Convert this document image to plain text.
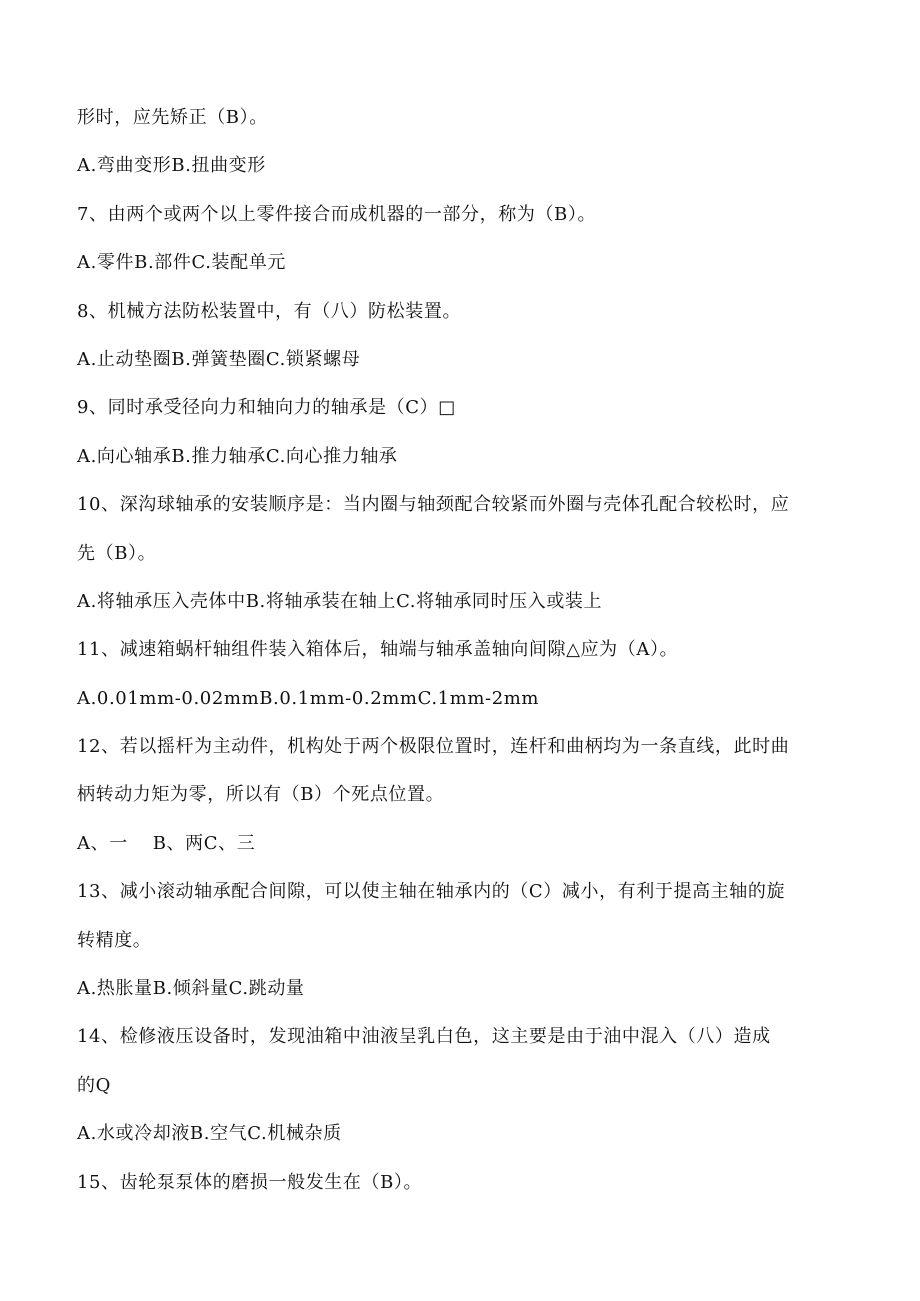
形时，应先矫正（B）。
A.弯曲变形B.扭曲变形
7、由两个或两个以上零件接合而成机器的一部分，称为（B）。
A.零件B.部件C.装配单元
8、机械方法防松装置中，有（八）防松装置。
A.止动垫圈B.弹簧垫圈C.锁紧螺母
9、同时承受径向力和轴向力的轴承是（C）□
A.向心轴承B.推力轴承C.向心推力轴承
10、深沟球轴承的安装顺序是：当内圈与轴颈配合较紧而外圈与壳体孔配合较松时，应
先（B）。
A.将轴承压入壳体中B.将轴承装在轴上C.将轴承同时压入或装上
11、减速箱蜗杆轴组件装入箱体后，轴端与轴承盖轴向间隙△应为（A）。
A.0.01mm-0.02mmB.0.1mm-0.2mmC.1mm-2mm
12、若以摇杆为主动件，机构处于两个极限位置时，连杆和曲柄均为一条直线，此时曲
柄转动力矩为零，所以有（B）个死点位置。
A、一　 B、两C、三
13、减小滚动轴承配合间隙，可以使主轴在轴承内的（C）减小，有利于提高主轴的旋
转精度。
A.热胀量B.倾斜量C.跳动量
14、检修液压设备时，发现油箱中油液呈乳白色，这主要是由于油中混入（八）造成
的Q
A.水或冷却液B.空气C.机械杂质
15、齿轮泵泵体的磨损一般发生在（B）。
